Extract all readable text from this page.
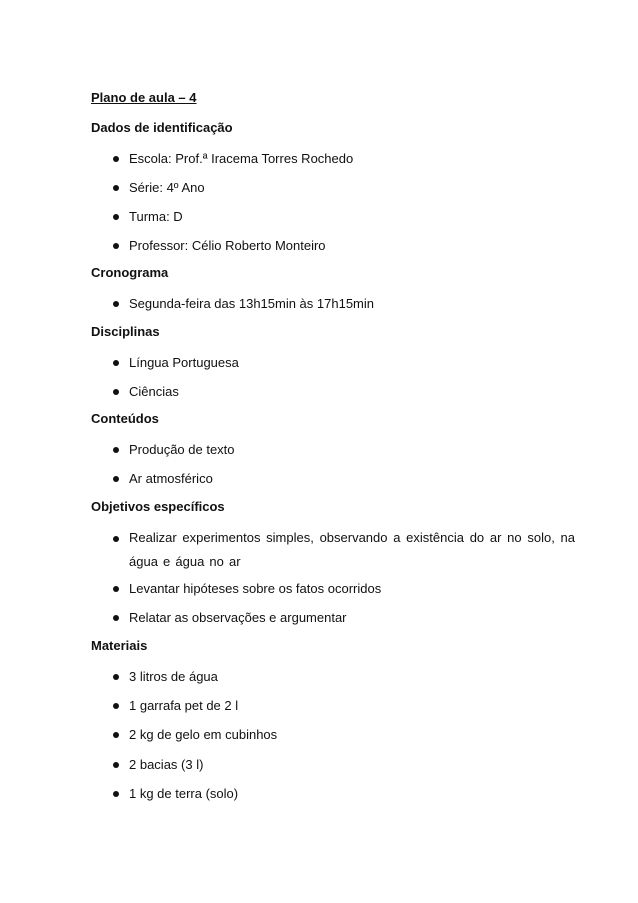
Plano de aula – 4
Dados de identificação
Escola: Prof.ª Iracema Torres Rochedo
Série: 4º Ano
Turma: D
Professor: Célio Roberto Monteiro
Cronograma
Segunda-feira das 13h15min às 17h15min
Disciplinas
Língua Portuguesa
Ciências
Conteúdos
Produção de texto
Ar atmosférico
Objetivos específicos
Realizar experimentos simples, observando a existência do ar no solo, na água e água no ar
Levantar hipóteses sobre os fatos ocorridos
Relatar as observações e argumentar
Materiais
3 litros de água
1 garrafa pet de 2 l
2 kg de gelo em cubinhos
2 bacias (3 l)
1 kg de terra (solo)
